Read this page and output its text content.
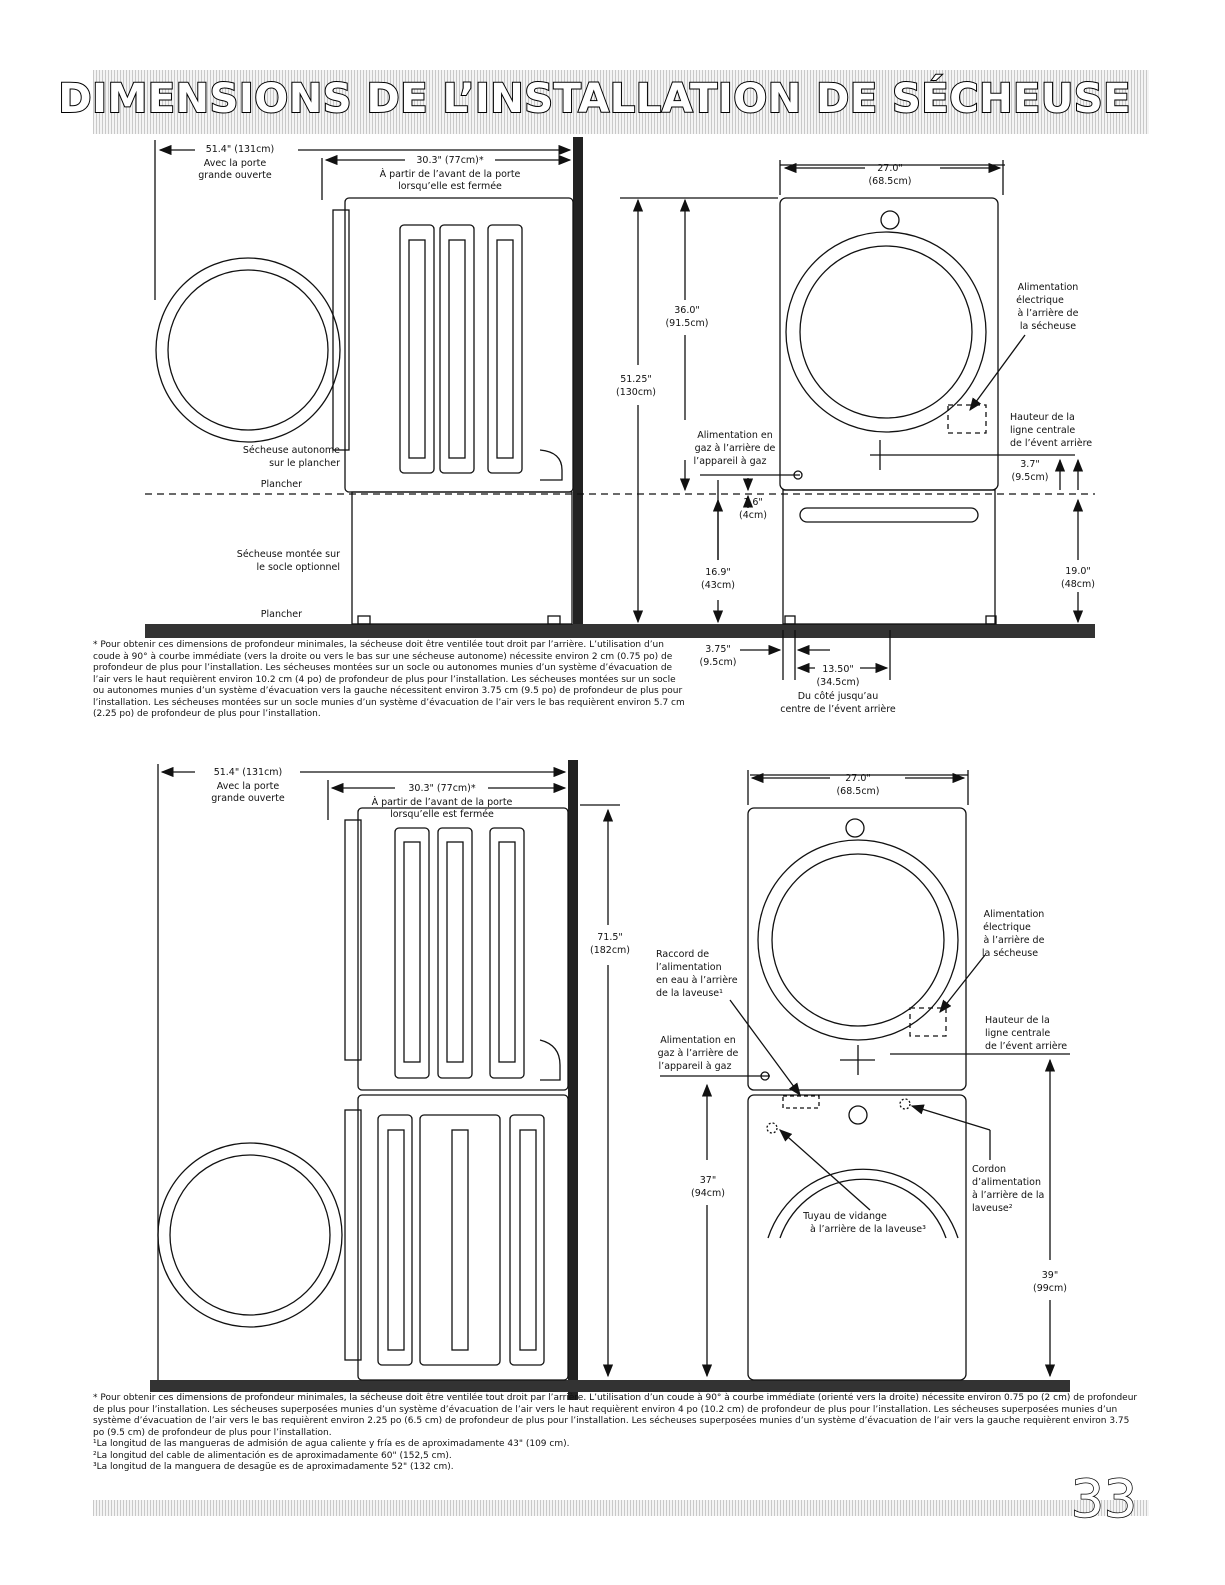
DIMENSIONS DE L’INSTALLATION DE SÉCHEUSE
51.4" (131cm)
Avec la porte
grande ouverte
30.3" (77cm)*
À partir de l’avant de la porte
lorsqu’elle est fermée
Sécheuse autonome
sur le plancher
Plancher
Sécheuse montée sur
le socle optionnel
Plancher
36.0"
(91.5cm)
51.25"
(130cm)
Alimentation en
gaz à l’arrière de
l’appareil à gaz
1.6"
(4cm)
16.9"
(43cm)
27.0"
(68.5cm)
Alimentation
électrique
à l’arrière de
la sécheuse
Hauteur de la
ligne centrale
de l’évent arrière
3.7"
(9.5cm)
19.0"
(48cm)
3.75"
(9.5cm)
13.50"
(34.5cm)
Du côté jusqu’au
centre de l’évent arrière
51.4" (131cm)
Avec la porte
grande ouverte
30.3" (77cm)*
À partir de l’avant de la porte
lorsqu’elle est fermée
71.5"
(182cm)	Raccord de
l’alimentation
en eau à l’arrière
de la laveuse¹
Alimentation en
gaz à l’arrière de
l’appareil à gaz
37"
(94cm)
27.0"
(68.5cm)
Alimentation
électrique
à l’arrière de
la sécheuse
Hauteur de la
ligne centrale
de l’évent arrière
Cordon
d’alimentation
à l’arrière de la
laveuse²
Tuyau de vidange
à l’arrière de la laveuse³
39"
(99cm)

* Pour obtenir ces dimensions de profondeur minimales, la sécheuse doit être ventilée tout droit par l’arrière. L’utilisation d’un coude à 90° à courbe immédiate (vers la droite ou vers le bas sur une sécheuse autonome) nécessite environ 2 cm (0.75 po) de profondeur de plus pour l’installation. Les sécheuses montées sur un socle ou autonomes munies d’un système d’évacuation de l’air vers le haut requièrent environ 10.2 cm (4 po) de profondeur de plus pour l’installation. Les sécheuses montées sur un socle ou autonomes munies d’un système d’évacuation vers la gauche nécessitent environ 3.75 cm (9.5 po) de profondeur de plus pour l’installation. Les sécheuses montées sur un socle munies d’un système d’évacuation de l’air vers le bas requièrent environ 5.7 cm (2.25 po) de profondeur de plus pour l’installation.

* Pour obtenir ces dimensions de profondeur minimales, la sécheuse doit être ventilée tout droit par l’arrière. L’utilisation d’un coude à 90° à courbe immédiate (orienté vers la droite) nécessite environ 0.75 po (2 cm) de profondeur de plus pour l’installation. Les sécheuses superposées munies d’un système d’évacuation de l’air vers le haut requièrent environ 4 po (10.2 cm) de profondeur de plus pour l’installation. Les sécheuses superposées munies d’un système d’évacuation de l’air vers le bas requièrent environ 2.25 po (6.5 cm) de profondeur de plus pour l’installation. Les sécheuses superposées munies d’un système d’évacuation de l’air vers la gauche requièrent environ 3.75 po (9.5 cm) de profondeur de plus pour l’installation.

¹La longitud de las mangueras de admisión de agua caliente y fría es de aproximadamente 43" (109 cm).

²La longitud del cable de alimentación es de aproximadamente 60" (152,5 cm).

³La longitud de la manguera de desagüe es de aproximadamente 52" (132 cm).

33
